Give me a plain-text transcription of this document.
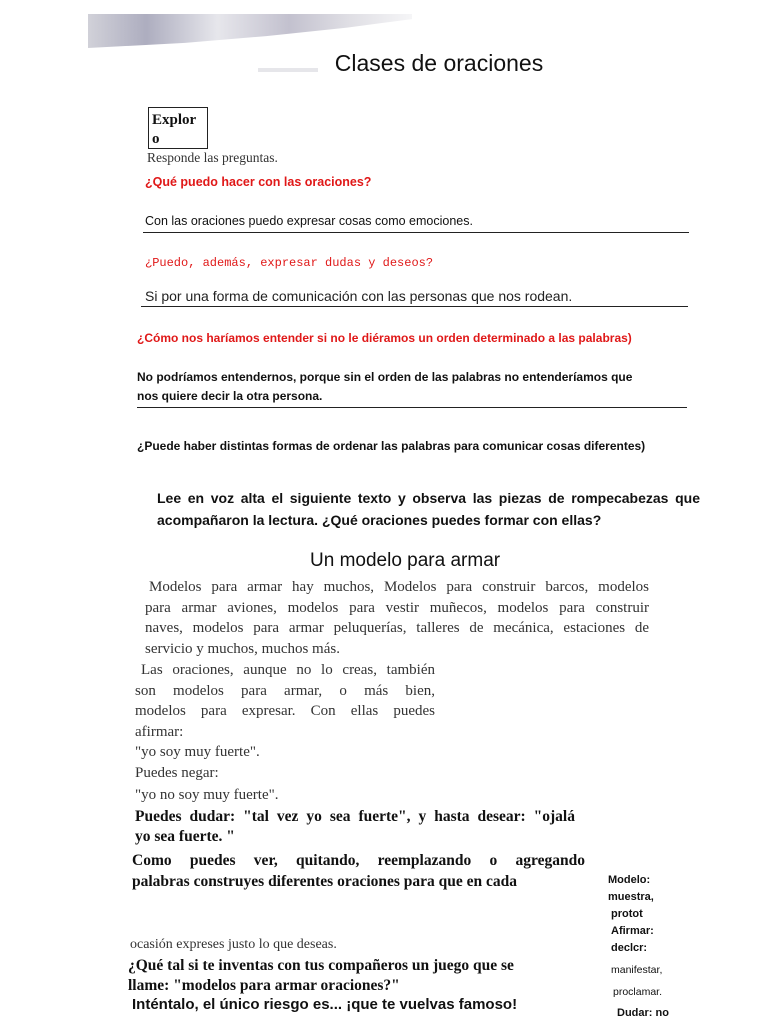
Clases de oraciones
Explor
o
Responde las preguntas.
¿Qué puedo hacer con las oraciones?
Con las oraciones puedo expresar cosas como emociones.
¿Puedo, además, expresar dudas y deseos?
Si por una forma de comunicación con las personas que nos rodean.
¿Cómo nos haríamos entender si no le diéramos un orden determinado a las palabras)
No podríamos entendernos, porque sin el orden de las palabras no entenderíamos que
nos quiere decir la otra persona.
¿Puede haber distintas formas de ordenar las palabras para comunicar cosas diferentes)
Lee en voz alta el siguiente texto y observa las piezas de rompecabezas que
acompañaron la lectura. ¿Qué oraciones puedes formar con ellas?
Un modelo para armar
Modelos para armar hay muchos, Modelos para construir barcos, modelos
para armar aviones, modelos para vestir muñecos, modelos para construir
naves, modelos para armar peluquerías, talleres de mecánica, estaciones de
servicio y muchos, muchos más.
Las oraciones, aunque no lo creas, también
son modelos para armar, o más bien,
modelos para expresar. Con ellas puedes
afirmar:
"yo soy muy fuerte".
Puedes negar:
"yo no soy muy fuerte".
Puedes dudar: "tal vez yo sea fuerte", y hasta desear: "ojalá
yo sea fuerte. "
Como puedes ver, quitando, reemplazando o agregando
palabras construyes diferentes oraciones para que en cada
ocasión expreses justo lo que deseas.
¿Qué tal si te inventas con tus compañeros un juego que se
llame: "modelos para armar oraciones?"
Inténtalo, el único riesgo es... ¡que te vuelvas famoso!
Modelo:
muestra,
protot
Afirmar:
declcr:
manifestar,
proclamar.
Dudar: no
